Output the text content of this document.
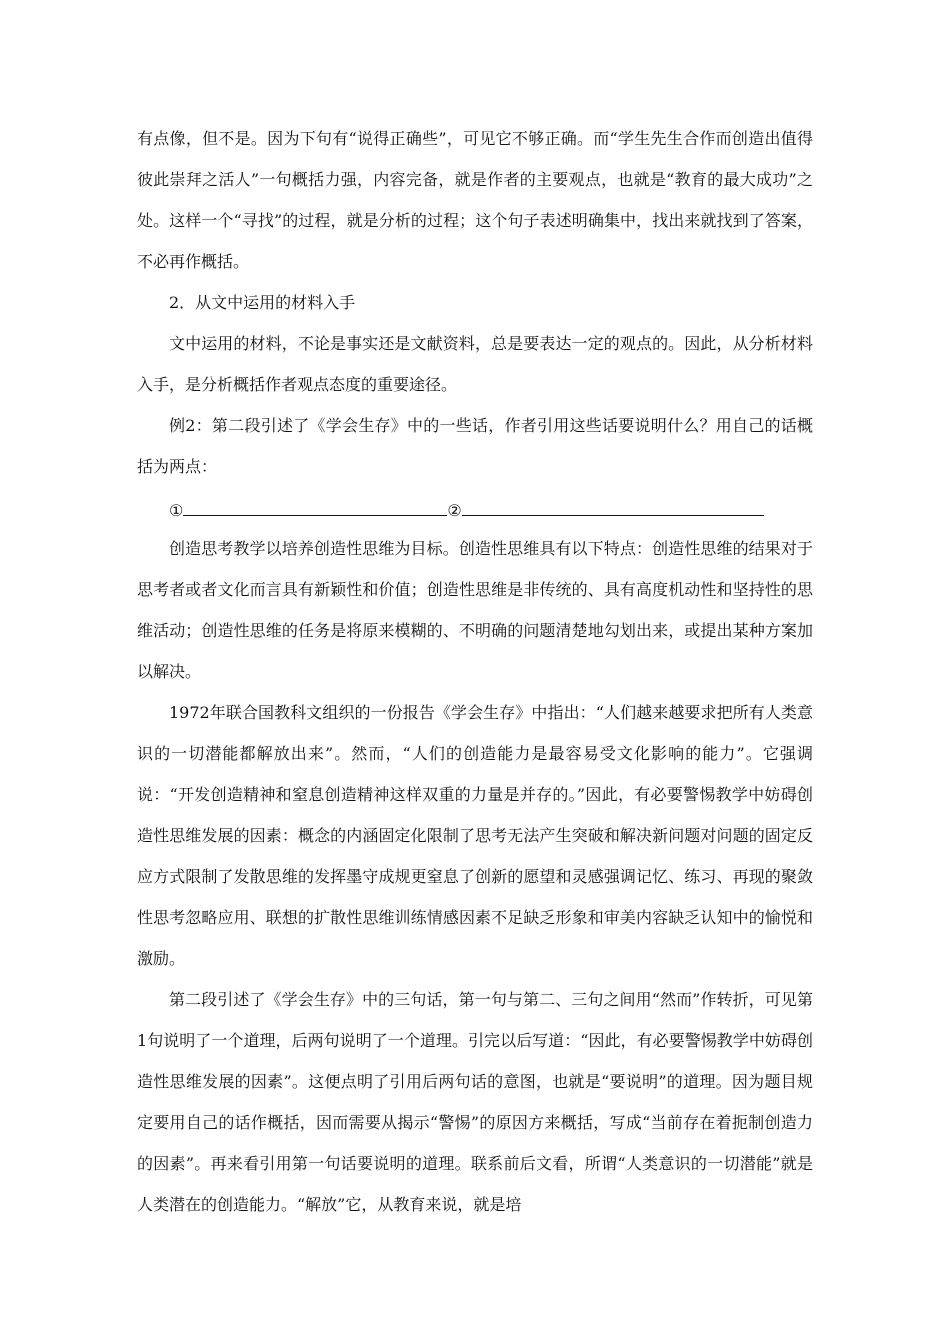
有点像，但不是。因为下句有“说得正确些”，可见它不够正确。而“学生先生合作而创造出值得彼此崇拜之活人”一句概括力强，内容完备，就是作者的主要观点，也就是“教育的最大成功”之处。这样一个“寻找”的过程，就是分析的过程；这个句子表述明确集中，找出来就找到了答案，不必再作概括。

2．从文中运用的材料入手

文中运用的材料，不论是事实还是文献资料，总是要表达一定的观点的。因此，从分析材料入手，是分析概括作者观点态度的重要途径。

例2：第二段引述了《学会生存》中的一些话，作者引用这些话要说明什么？用自己的话概括为两点：

①	②

创造思考教学以培养创造性思维为目标。创造性思维具有以下特点：创造性思维的结果对于思考者或者文化而言具有新颖性和价值；创造性思维是非传统的、具有高度机动性和坚持性的思维活动；创造性思维的任务是将原来模糊的、不明确的问题清楚地勾划出来，或提出某种方案加以解决。

1972年联合国教科文组织的一份报告《学会生存》中指出：“人们越来越要求把所有人类意识的一切潜能都解放出来”。然而，“人们的创造能力是最容易受文化影响的能力”。它强调说：“开发创造精神和窒息创造精神这样双重的力量是并存的。”因此，有必要警惕教学中妨碍创造性思维发展的因素：概念的内涵固定化限制了思考无法产生突破和解决新问题对问题的固定反应方式限制了发散思维的发挥墨守成规更窒息了创新的愿望和灵感强调记忆、练习、再现的聚敛性思考忽略应用、联想的扩散性思维训练情感因素不足缺乏形象和审美内容缺乏认知中的愉悦和激励。

第二段引述了《学会生存》中的三句话，第一句与第二、三句之间用“然而”作转折，可见第1句说明了一个道理，后两句说明了一个道理。引完以后写道：“因此，有必要警惕教学中妨碍创造性思维发展的因素”。这便点明了引用后两句话的意图，也就是“要说明”的道理。因为题目规定要用自己的话作概括，因而需要从揭示“警惕”的原因方来概括，写成“当前存在着扼制创造力的因素”。再来看引用第一句话要说明的道理。联系前后文看，所谓“人类意识的一切潜能”就是人类潜在的创造能力。“解放”它，从教育来说，就是培
